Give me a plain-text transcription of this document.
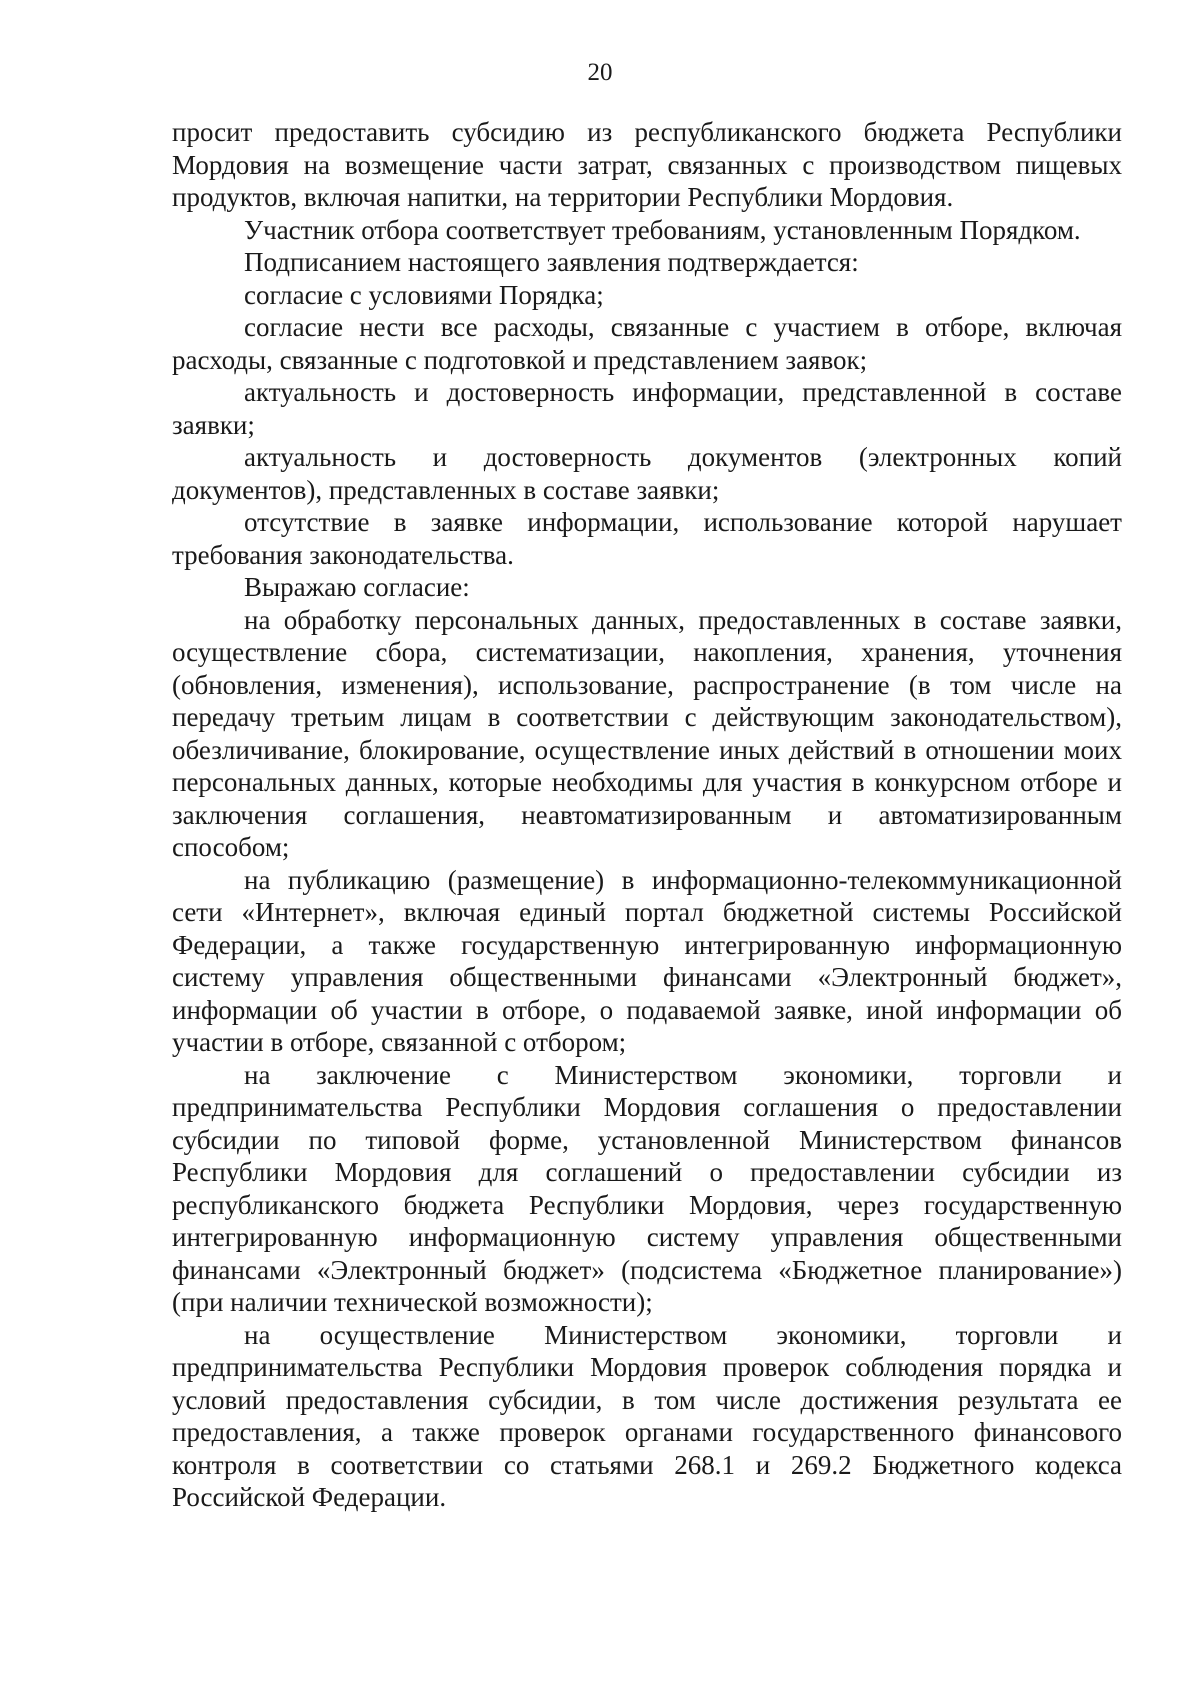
20

просит предоставить субсидию из республиканского бюджета Республики Мордовия на возмещение части затрат, связанных с производством пищевых продуктов, включая напитки, на территории Республики Мордовия.

Участник отбора соответствует требованиям, установленным Порядком.

Подписанием настоящего заявления подтверждается:

согласие с условиями Порядка;

согласие нести все расходы, связанные с участием в отборе, включая расходы, связанные с подготовкой и представлением заявок;

актуальность и достоверность информации, представленной в составе заявки;

актуальность и достоверность документов (электронных копий документов), представленных в составе заявки;

отсутствие в заявке информации, использование которой нарушает требования законодательства.

Выражаю согласие:

на обработку персональных данных, предоставленных в составе заявки, осуществление сбора, систематизации, накопления, хранения, уточнения (обновления, изменения), использование, распространение (в том числе на передачу третьим лицам в соответствии с действующим законодательством), обезличивание, блокирование, осуществление иных действий в отношении моих персональных данных, которые необходимы для участия в конкурсном отборе и заключения соглашения, неавтоматизированным и автоматизированным способом;

на публикацию (размещение) в информационно-телекоммуникационной сети «Интернет», включая единый портал бюджетной системы Российской Федерации, а также государственную интегрированную информационную систему управления общественными финансами «Электронный бюджет», информации об участии в отборе, о подаваемой заявке, иной информации об участии в отборе, связанной с отбором;

на заключение с Министерством экономики, торговли и предпринимательства Республики Мордовия соглашения о предоставлении субсидии по типовой форме, установленной Министерством финансов Республики Мордовия для соглашений о предоставлении субсидии из республиканского бюджета Республики Мордовия, через государственную интегрированную информационную систему управления общественными финансами «Электронный бюджет» (подсистема «Бюджетное планирование») (при наличии технической возможности);

на осуществление Министерством экономики, торговли и предпринимательства Республики Мордовия проверок соблюдения порядка и условий предоставления субсидии, в том числе достижения результата ее предоставления, а также проверок органами государственного финансового контроля в соответствии со статьями 268.1 и 269.2 Бюджетного кодекса Российской Федерации.
